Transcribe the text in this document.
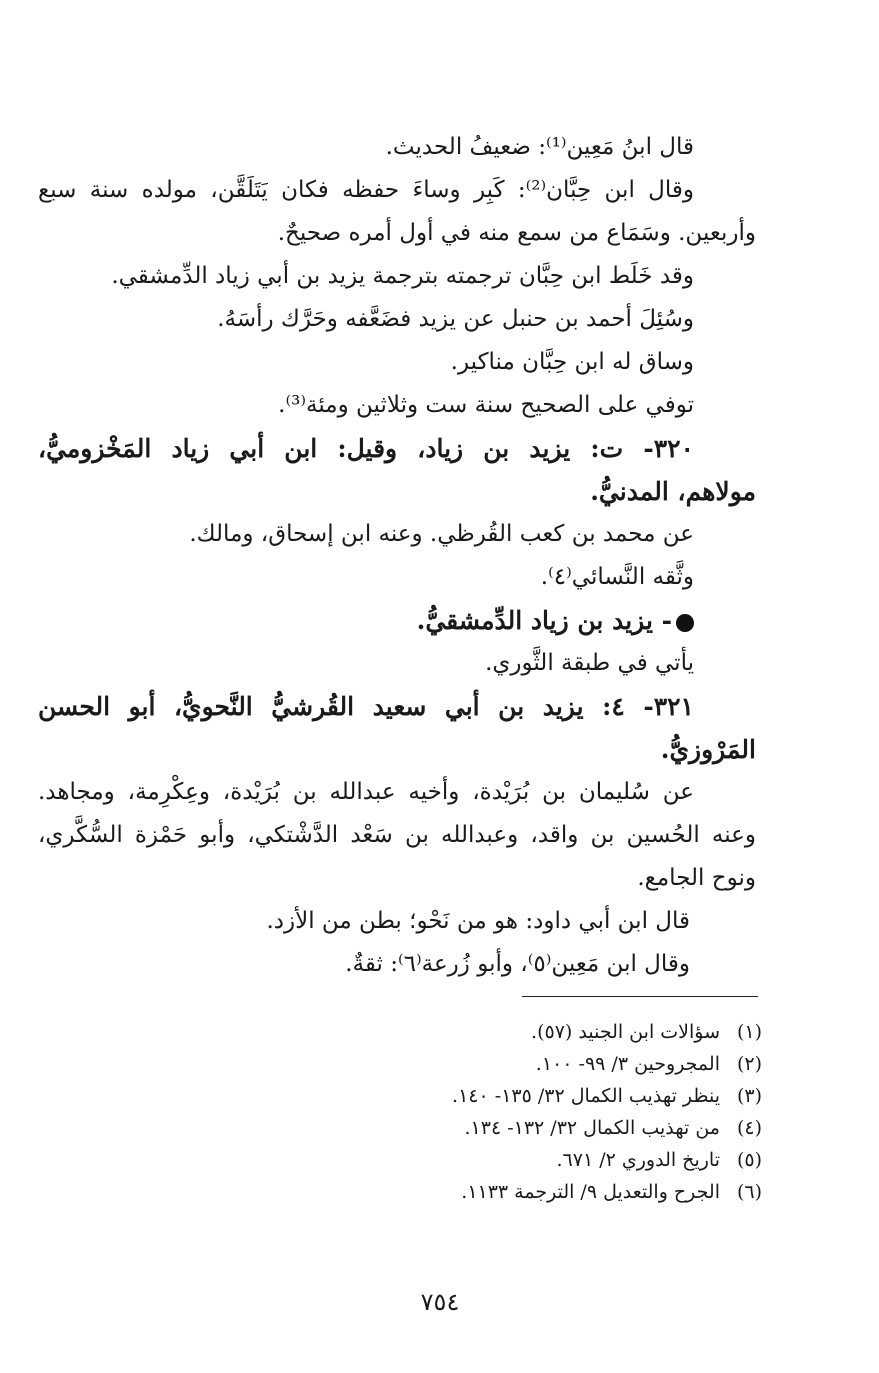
قال ابنُ مَعِين⁽¹⁾: ضعيفُ الحديث.
وقال ابن حِبَّان⁽²⁾: كَبِر وساءَ حفظه فكان يَتَلَقَّن، مولده سنة سبع
وأربعين. وسَمَاع من سمع منه في أول أمره صحيحٌ.
وقد خَلَط ابن حِبَّان ترجمته بترجمة يزيد بن أبي زياد الدِّمشقي.
وسُئِلَ أحمد بن حنبل عن يزيد فضَعَّفه وحَرَّك رأسَهُ.
وساق له ابن حِبَّان مناكير.
توفي على الصحيح سنة ست وثلاثين ومئة⁽³⁾.
٣٢٠- ت: يزيد بن زياد، وقيل: ابن أبي زياد المَخْزوميُّ،
مولاهم، المدنيُّ.
عن محمد بن كعب القُرظي. وعنه ابن إسحاق، ومالك.
وثَّقه النَّسائي⁽٤⁾.
- يزيد بن زياد الدِّمشقيُّ.
يأتي في طبقة الثَّوري.
٣٢١- ٤: يزيد بن أبي سعيد القُرشيُّ النَّحويُّ، أبو الحسن
المَرْوزيُّ.
عن سُليمان بن بُرَيْدة، وأخيه عبدالله بن بُرَيْدة، وعِكْرِمة، ومجاهد.
وعنه الحُسين بن واقد، وعبدالله بن سَعْد الدَّشْتكي، وأبو حَمْزة السُّكَّري،
ونوح الجامع.
قال ابن أبي داود: هو من نَحْو؛ بطن من الأزد.
وقال ابن مَعِين⁽٥⁾، وأبو زُرعة⁽٦⁾: ثقةٌ.
(١)سؤالات ابن الجنيد (٥٧).
(٢)المجروحين ٣/ ٩٩- ١٠٠.
(٣)ينظر تهذيب الكمال ٣٢/ ١٣٥- ١٤٠.
(٤)من تهذيب الكمال ٣٢/ ١٣٢- ١٣٤.
(٥)تاريخ الدوري ٢/ ٦٧١.
(٦)الجرح والتعديل ٩/ الترجمة ١١٣٣.
٧٥٤
